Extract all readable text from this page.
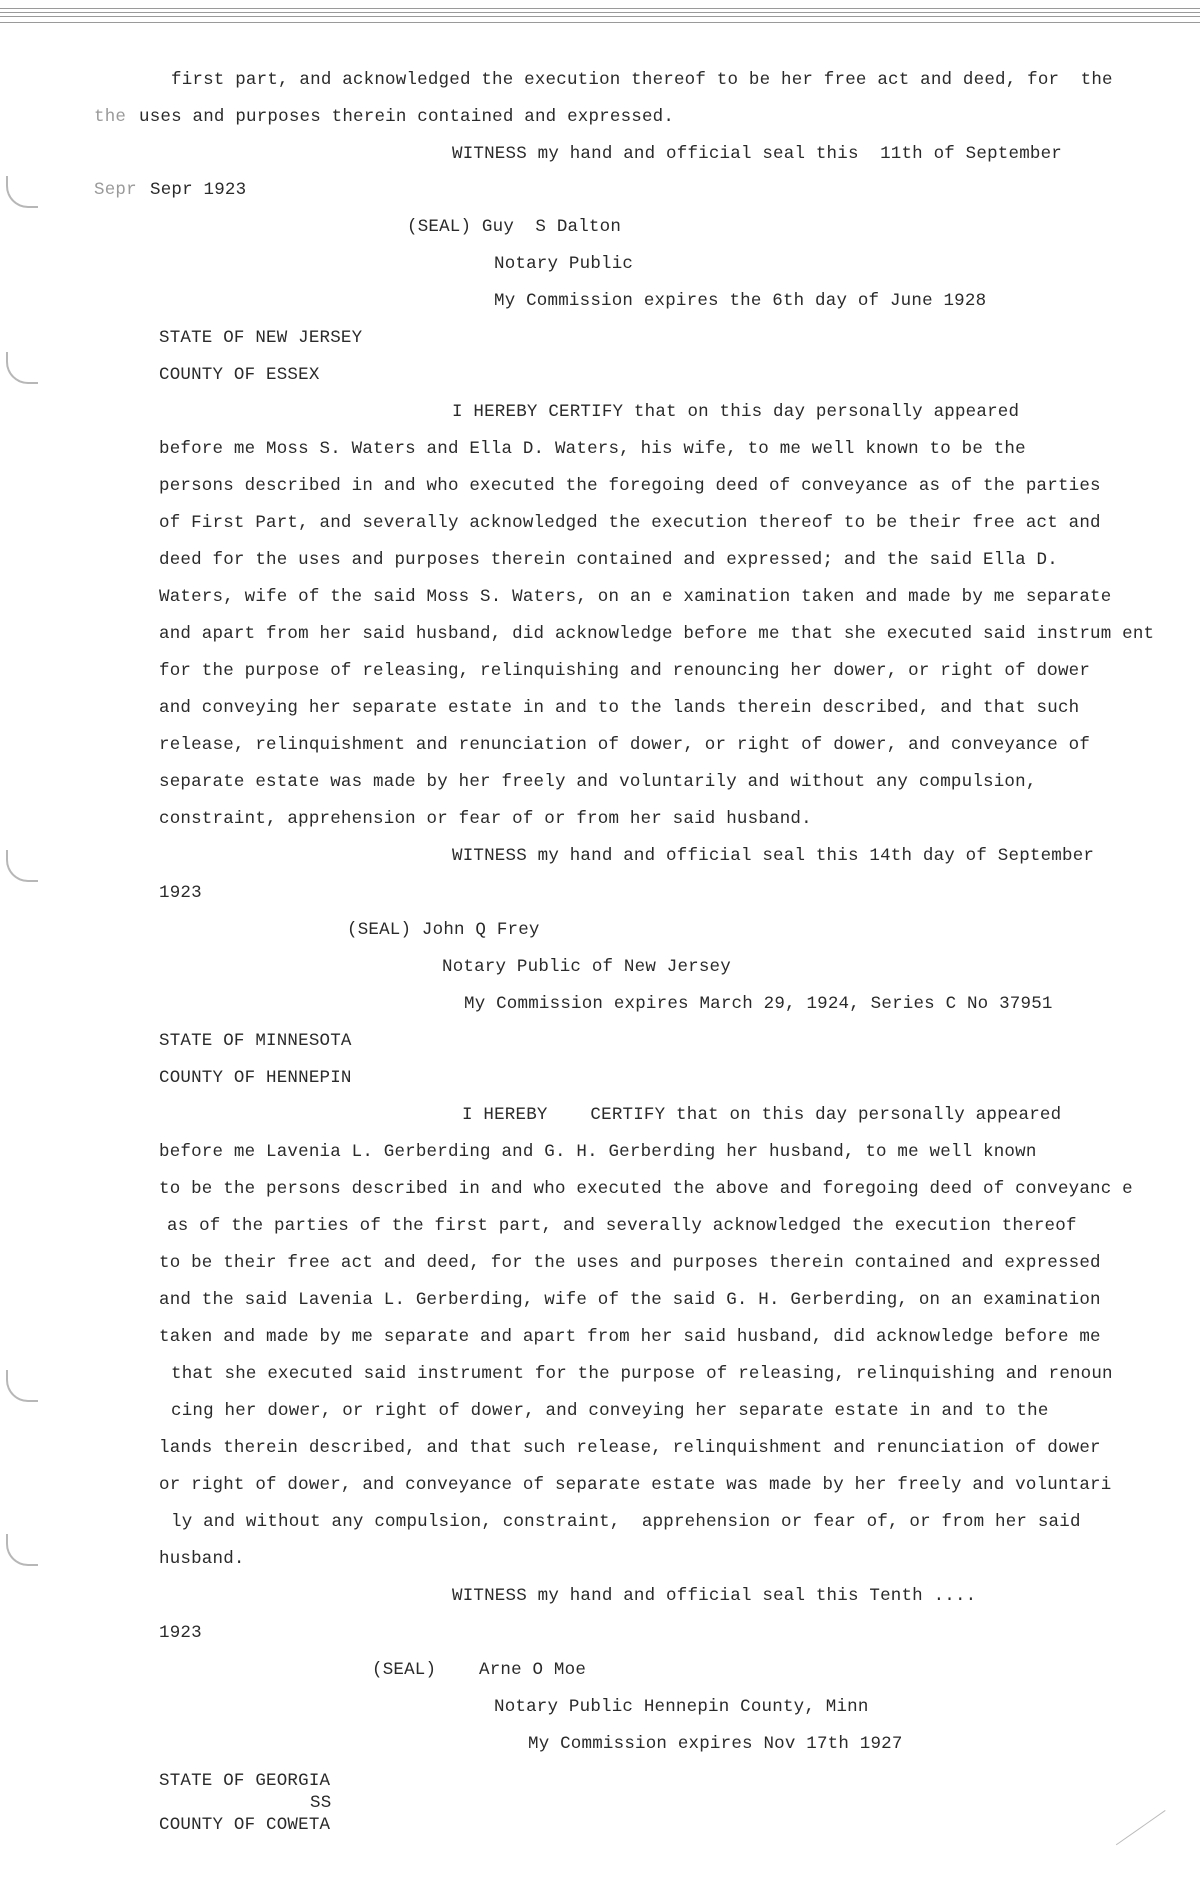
first part, and acknowledged the execution thereof to be her free act and deed, for  the
the uses and purposes therein contained and expressed.
WITNESS my hand and official seal this  11th of September
Sepr Sepr 1923
(SEAL) Guy  S Dalton
Notary Public
My Commission expires the 6th day of June 1928
STATE OF NEW JERSEY
COUNTY OF ESSEX
I HEREBY CERTIFY that on this day personally appeared
before me Moss S. Waters and Ella D. Waters, his wife, to me well known to be the
persons described in and who executed the foregoing deed of conveyance as of the parties
of First Part, and severally acknowledged the execution thereof to be their free act and
deed for the uses and purposes therein contained and expressed; and the said Ella D.
Waters, wife of the said Moss S. Waters, on an e xamination taken and made by me separate
and apart from her said husband, did acknowledge before me that she executed said instrum ent
for the purpose of releasing, relinquishing and renouncing her dower, or right of dower
and conveying her separate estate in and to the lands therein described, and that such
release, relinquishment and renunciation of dower, or right of dower, and conveyance of
separate estate was made by her freely and voluntarily and without any compulsion,
constraint, apprehension or fear of or from her said husband.
WITNESS my hand and official seal this 14th day of September
1923
(SEAL) John Q Frey
Notary Public of New Jersey
My Commission expires March 29, 1924, Series C No 37951
STATE OF MINNESOTA
COUNTY OF HENNEPIN
I HEREBY    CERTIFY that on this day personally appeared
before me Lavenia L. Gerberding and G. H. Gerberding her husband, to me well known
to be the persons described in and who executed the above and foregoing deed of conveyanc e
as of the parties of the first part, and severally acknowledged the execution thereof
to be their free act and deed, for the uses and purposes therein contained and expressed
and the said Lavenia L. Gerberding, wife of the said G. H. Gerberding, on an examination
taken and made by me separate and apart from her said husband, did acknowledge before me
that she executed said instrument for the purpose of releasing, relinquishing and renoun
cing her dower, or right of dower, and conveying her separate estate in and to the
lands therein described, and that such release, relinquishment and renunciation of dower
or right of dower, and conveyance of separate estate was made by her freely and voluntari
ly and without any compulsion, constraint,  apprehension or fear of, or from her said
husband.
WITNESS my hand and official seal this Tenth ....
1923
(SEAL)    Arne O Moe
Notary Public Hennepin County, Minn
My Commission expires Nov 17th 1927
STATE OF GEORGIA
SS
COUNTY OF COWETA
